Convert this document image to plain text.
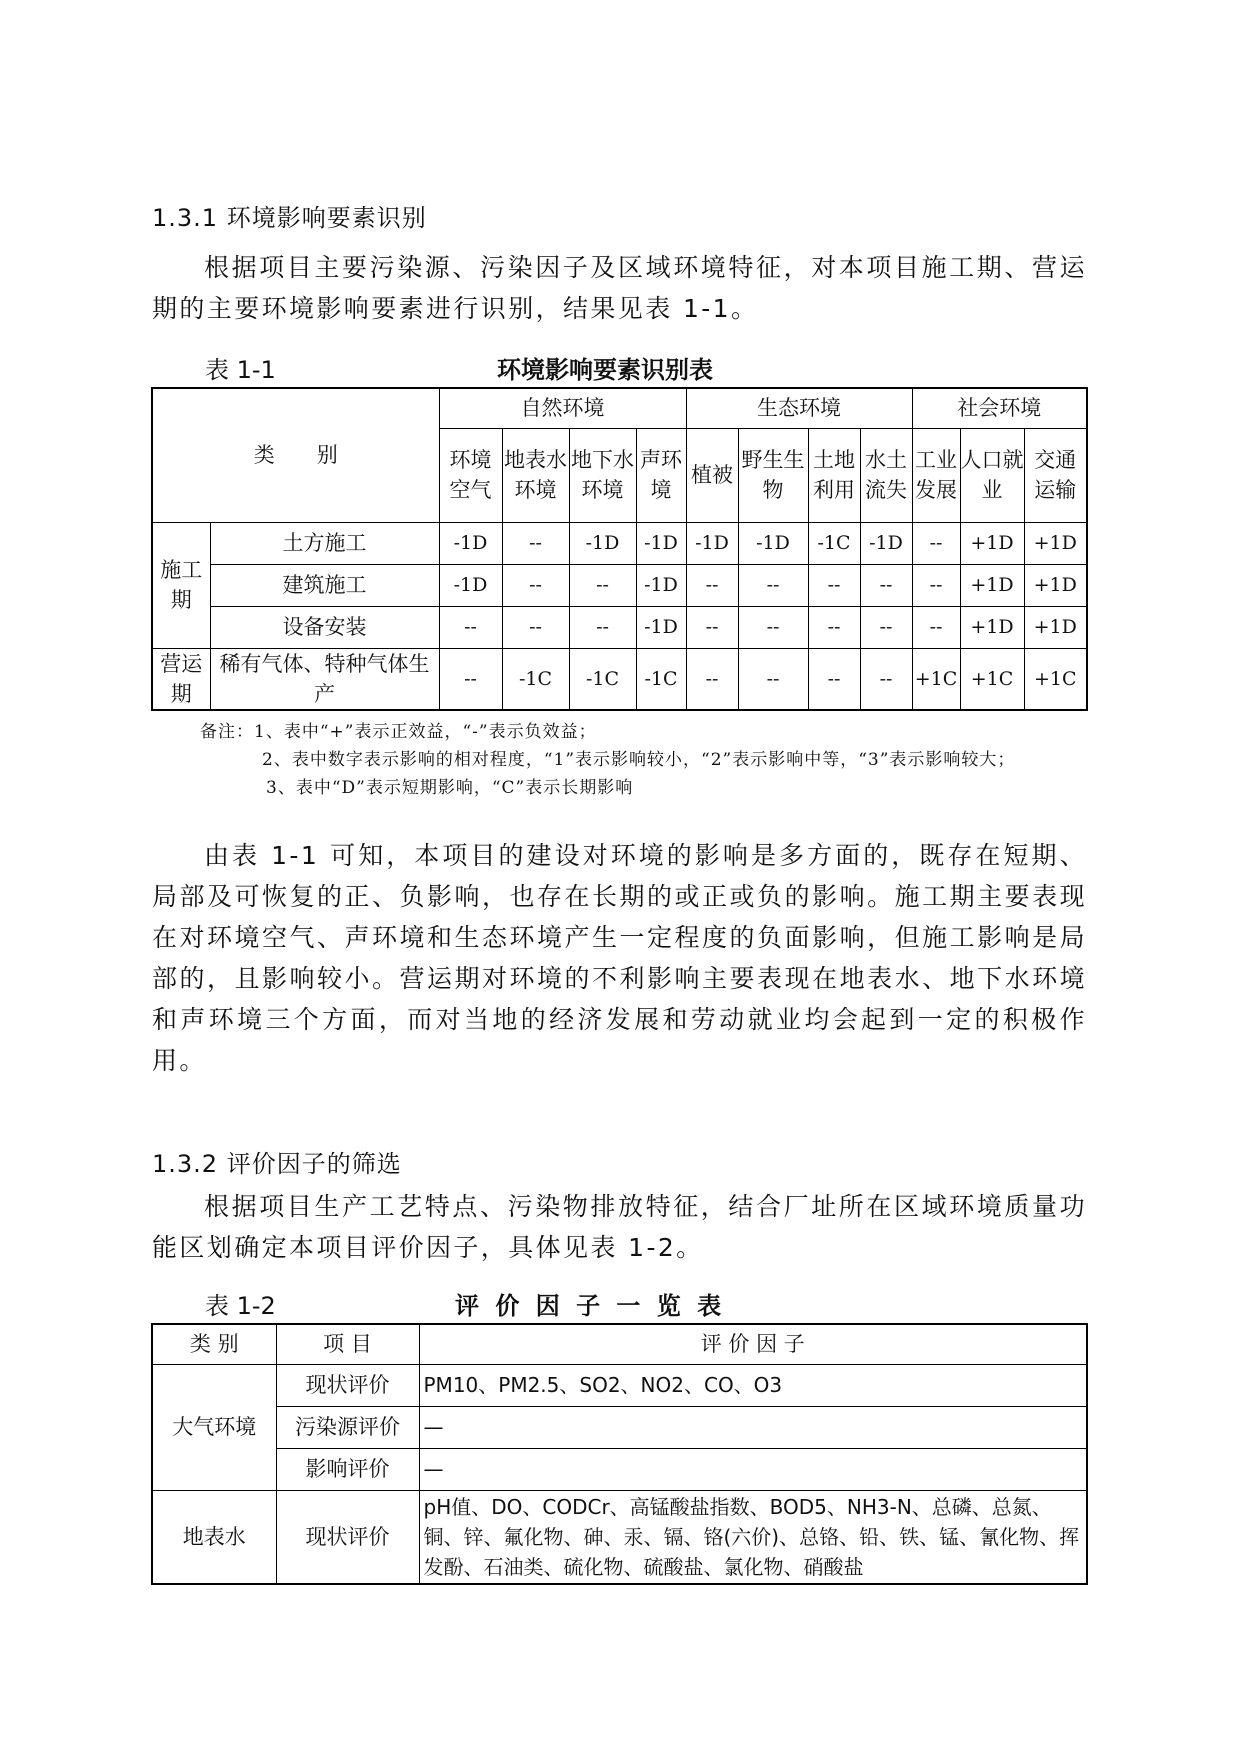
1.3.1 环境影响要素识别

根据项目主要污染源、污染因子及区域环境特征，对本项目施工期、营运期的主要环境影响要素进行识别，结果见表 1-1。

表 1-1	环境影响要素识别表
类　　别		自然环境				生态环境				社会环境		
		环境空气	地表水环境	地下水环境	声环境	植被	野生生物	土地利用	水土流失	工业发展	人口就业	交通运输
施工期	土方施工	-1D	--	-1D	-1D	-1D	-1D	-1C	-1D	--	+1D	+1D
	建筑施工	-1D	--	--	-1D	--	--	--	--	--	+1D	+1D
	设备安装	--	--	--	-1D	--	--	--	--	--	+1D	+1D
营运期	稀有气体、特种气体生产	--	-1C	-1C	-1C	--	--	--	--	+1C	+1C	+1C
备注：1、表中“+”表示正效益，“-”表示负效益；
2、表中数字表示影响的相对程度，“1”表示影响较小，“2”表示影响中等，“3”表示影响较大；
3、表中“D”表示短期影响，“C”表示长期影响

由表 1-1 可知，本项目的建设对环境的影响是多方面的，既存在短期、局部及可恢复的正、负影响，也存在长期的或正或负的影响。施工期主要表现在对环境空气、声环境和生态环境产生一定程度的负面影响，但施工影响是局部的，且影响较小。营运期对环境的不利影响主要表现在地表水、地下水环境和声环境三个方面，而对当地的经济发展和劳动就业均会起到一定的积极作用。

1.3.2 评价因子的筛选

根据项目生产工艺特点、污染物排放特征，结合厂址所在区域环境质量功能区划确定本项目评价因子，具体见表 1-2。

表 1-2	评 价 因 子 一 览 表
类 别	项 目	评 价 因 子
大气环境	现状评价	PM10、PM2.5、SO2、NO2、CO、O3
	污染源评价	—
	影响评价	—
地表水	现状评价	pH值、DO、CODCr、高锰酸盐指数、BOD5、NH3-N、总磷、总氮、铜、锌、氟化物、砷、汞、镉、铬(六价)、总铬、铅、铁、锰、氰化物、挥发酚、石油类、硫化物、硫酸盐、氯化物、硝酸盐
